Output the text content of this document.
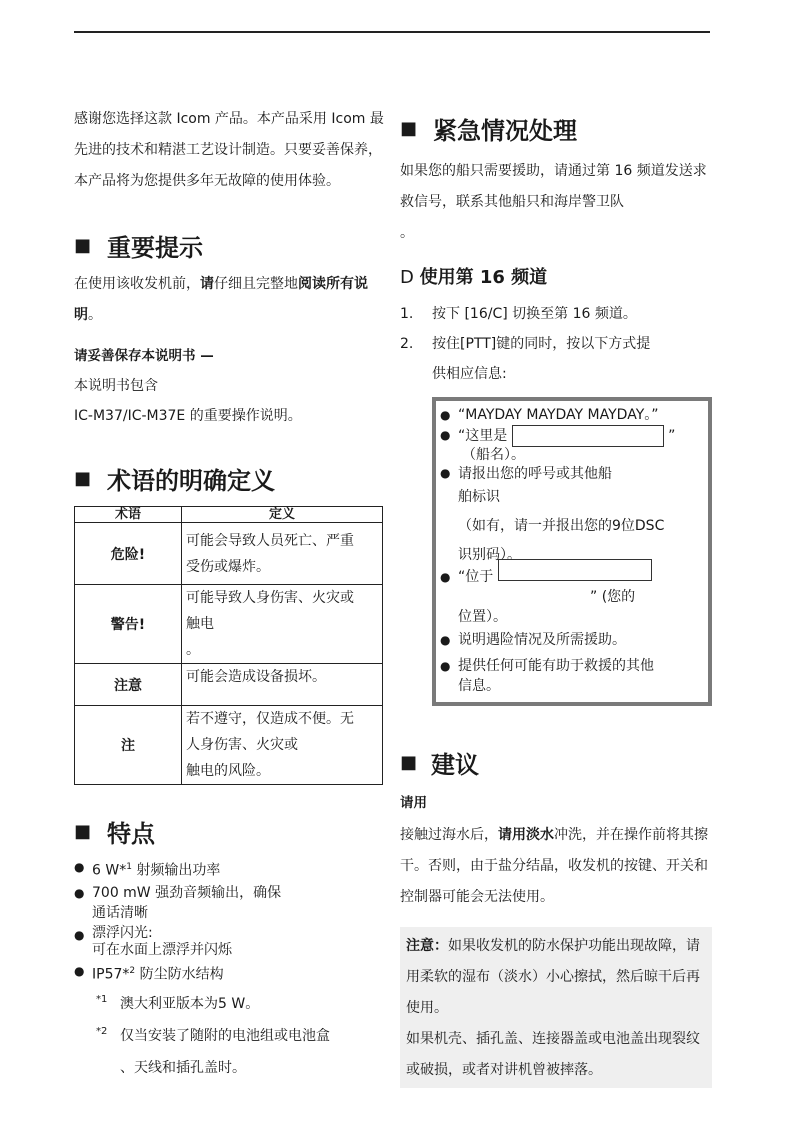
感谢您选择这款 Icom 产品。本产品采用 Icom 最先进的技术和精湛工艺设计制造。只要妥善保养，本产品将为您提供多年无故障的使用体验。

■ 重要提示

在使用该收发机前，请仔细且完整地阅读所有说明。

请妥善保存本说明书 —

本说明书包含

IC-M37/IC-M37E 的重要操作说明。

■ 术语的明确定义
术语	定义
危险!	可能会导致人员死亡、严重
受伤或爆炸。
警告!	可能导致人身伤害、火灾或
触电
。
注意	可能会造成设备损坏。
注	若不遵守，仅造成不便。无
人身伤害、火灾或
触电的风险。
■ 特点
● 6 W*$^1$ 射频输出功率
● 700 mW 强劲音频输出，确保
通话清晰
● 漂浮闪光:
可在水面上漂浮并闪烁
● IP57*$^2$ 防尘防水结构
*1 澳大利亚版本为5 W。
*2 仅当安装了随附的电池组或电池盒
、天线和插孔盖时。
■ 紧急情况处理

如果您的船只需要援助，请通过第 16 频道发送求救信号，联系其他船只和海岸警卫队
。

D 使用第 16 频道
1.	按下 [16/C] 切换至第 16 频道。
2.	按住[PTT]键的同时，按以下方式提
供相应信息:
● “MAYDAY MAYDAY MAYDAY。”
● “这里是	”
（船名）。
● 请报出您的呼号或其他船
舶标识
（如有，请一并报出您的9位DSC
识别码）。
● “位于
” (您的
位置）。
● 说明遇险情况及所需援助。
● 提供任何可能有助于救援的其他
信息。
■ 建议

请用

接触过海水后，请用淡水冲洗，并在操作前将其擦干。否则，由于盐分结晶，收发机的按键、开关和控制器可能会无法使用。

注意：如果收发机的防水保护功能出现故障，请用柔软的湿布（淡水）小心擦拭，然后晾干后再使用。

如果机壳、插孔盖、连接器盖或电池盖出现裂纹

或破损，或者对讲机曾被摔落。
